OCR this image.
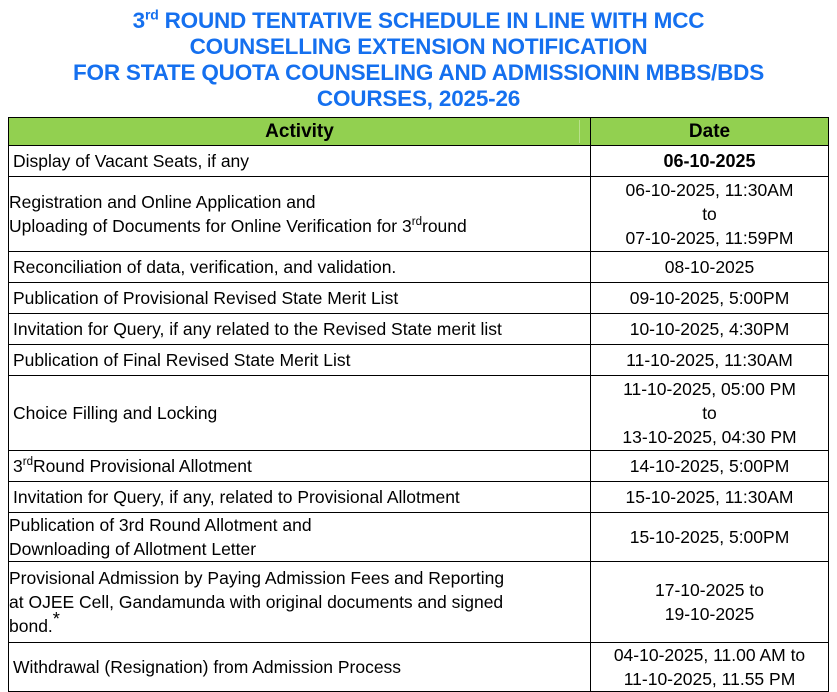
3rd ROUND TENTATIVE SCHEDULE IN LINE WITH MCC
COUNSELLING EXTENSION NOTIFICATION
FOR STATE QUOTA COUNSELING AND ADMISSIONIN MBBS/BDS
COURSES, 2025-26
Activity	Date

Display of Vacant Seats, if any	06-10-2025

Registration and Online Application and
Uploading of Documents for Online Verification for 3rdround	06-10-2025, 11:30AM
to
07-10-2025, 11:59PM

Reconciliation of data, verification, and validation.	08-10-2025

Publication of Provisional Revised State Merit List	09-10-2025, 5:00PM

Invitation for Query, if any related to the Revised State merit list	10-10-2025, 4:30PM

Publication of Final Revised State Merit List	11-10-2025, 11:30AM

Choice Filling and Locking	11-10-2025, 05:00 PM
to
13-10-2025, 04:30 PM

3rdRound Provisional Allotment	14-10-2025, 5:00PM

Invitation for Query, if any, related to Provisional Allotment	15-10-2025, 11:30AM

Publication of 3rd Round Allotment and
Downloading of Allotment Letter	15-10-2025, 5:00PM

Provisional Admission by Paying Admission Fees and Reporting
at OJEE Cell, Gandamunda with original documents and signed
bond.*	17-10-2025 to
19-10-2025

Withdrawal (Resignation) from Admission Process	04-10-2025, 11.00 AM to
11-10-2025, 11.55 PM
